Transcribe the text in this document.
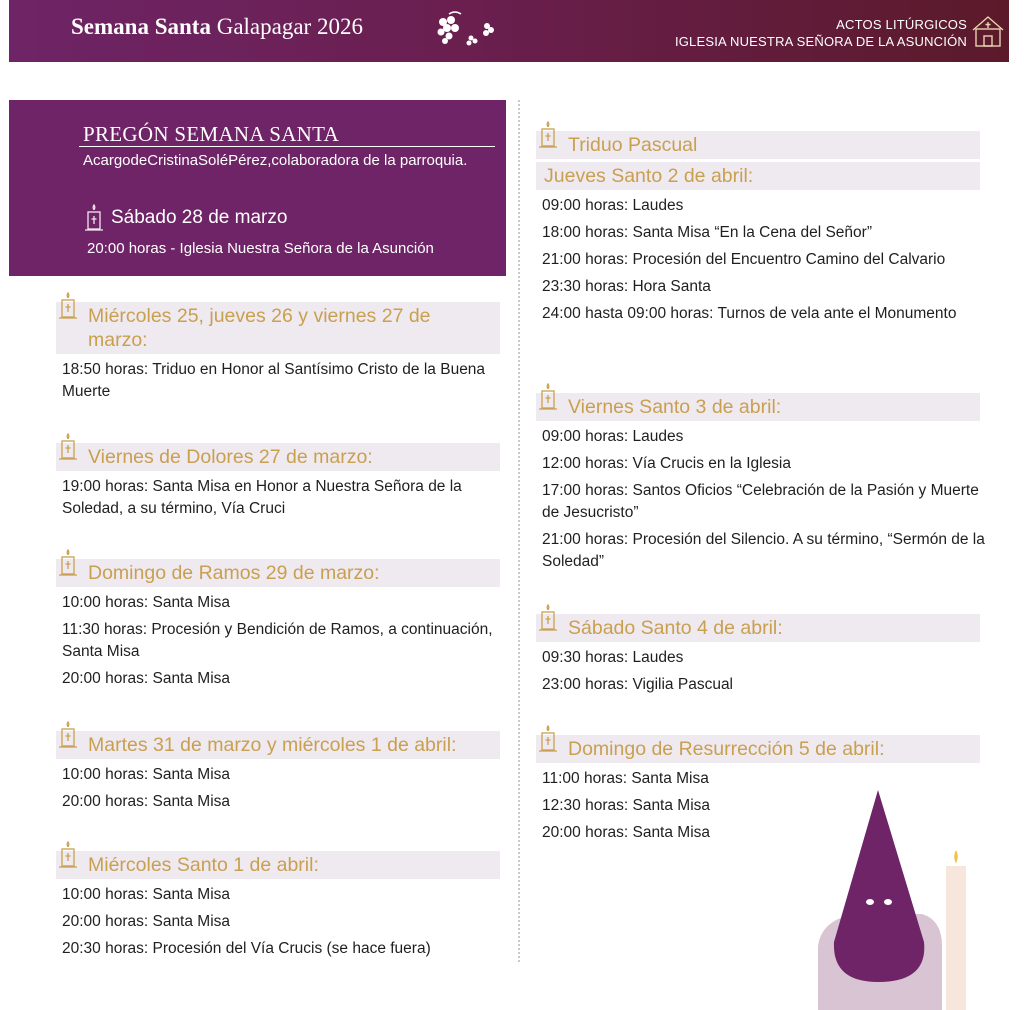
Semana Santa Galapagar 2026	ACTOS LITÚRGICOS
IGLESIA NUESTRA SEÑORA DE LA ASUNCIÓN
PREGÓN SEMANA SANTA
AcargodeCristinaSoléPérez,colaboradora de la parroquia.
Sábado 28 de marzo
20:00 horas - Iglesia Nuestra Señora de la Asunción
Miércoles 25, jueves 26 y viernes 27 de marzo:
18:50 horas: Triduo en Honor al Santísimo Cristo de la Buena Muerte
Viernes de Dolores 27 de marzo:
19:00 horas: Santa Misa en Honor a Nuestra Señora de la Soledad, a su término, Vía Cruci
Domingo de Ramos 29 de marzo:
10:00 horas: Santa Misa
11:30 horas: Procesión y Bendición de Ramos, a continuación, Santa Misa
20:00 horas: Santa Misa
Martes 31 de marzo y miércoles 1 de abril:
10:00 horas: Santa Misa
20:00 horas: Santa Misa
Miércoles Santo 1 de abril:
10:00 horas: Santa Misa
20:00 horas: Santa Misa
20:30 horas: Procesión del Vía Crucis (se hace fuera)
Triduo Pascual
Jueves Santo 2 de abril:
09:00 horas: Laudes
18:00 horas: Santa Misa “En la Cena del Señor”
21:00 horas: Procesión del Encuentro Camino del Calvario
23:30 horas: Hora Santa
24:00 hasta 09:00 horas: Turnos de vela ante el Monumento
Viernes Santo 3 de abril:
09:00 horas: Laudes
12:00 horas: Vía Crucis en la Iglesia
17:00 horas: Santos Oficios “Celebración de la Pasión y Muerte de Jesucristo”
21:00 horas: Procesión del Silencio. A su término, “Sermón de la Soledad”
Sábado Santo 4 de abril:
09:30 horas: Laudes
23:00 horas: Vigilia Pascual
Domingo de Resurrección 5 de abril:
11:00 horas: Santa Misa
12:30 horas: Santa Misa
20:00 horas: Santa Misa
